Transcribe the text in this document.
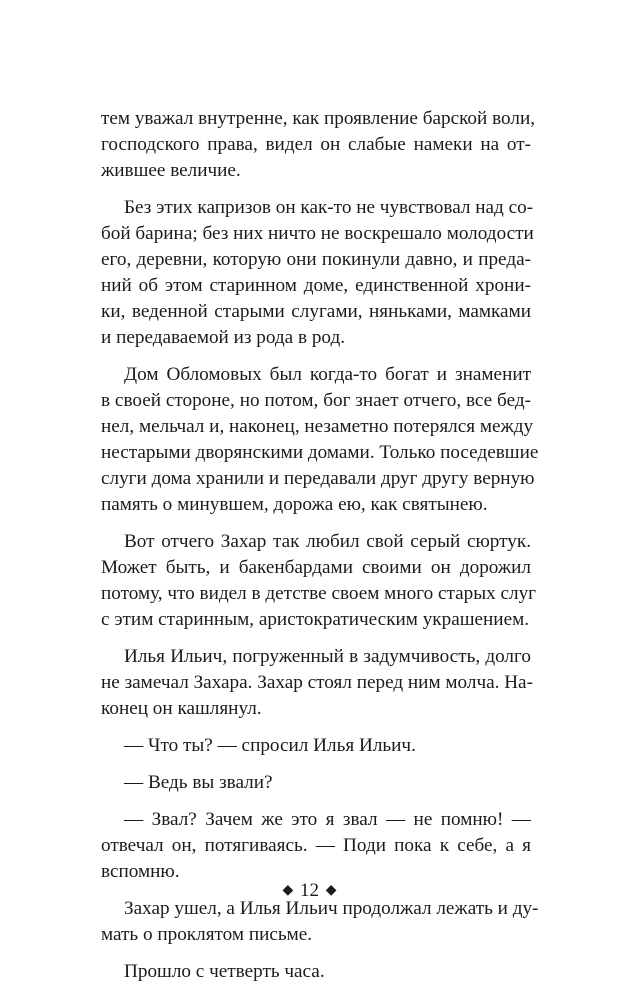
тем уважал внутренне, как проявление барской воли,
господского права, видел он слабые намеки на от-
жившее величие.
Без этих капризов он как-то не чувствовал над со-
бой барина; без них ничто не воскрешало молодости
его, деревни, которую они покинули давно, и преда-
ний об этом старинном доме, единственной хрони-
ки, веденной старыми слугами, няньками, мамками
и передаваемой из рода в род.
Дом Обломовых был когда-то богат и знаменит
в своей стороне, но потом, бог знает отчего, все бед-
нел, мельчал и, наконец, незаметно потерялся между
нестарыми дворянскими домами. Только поседевшие
слуги дома хранили и передавали друг другу верную
память о минувшем, дорожа ею, как святынею.
Вот отчего Захар так любил свой серый сюртук.
Может быть, и бакенбардами своими он дорожил
потому, что видел в детстве своем много старых слуг
с этим старинным, аристократическим украшением.
Илья Ильич, погруженный в задумчивость, долго
не замечал Захара. Захар стоял перед ним молча. На-
конец он кашлянул.
— Что ты? — спросил Илья Ильич.
— Ведь вы звали?
— Звал? Зачем же это я звал — не помню! —
отвечал он, потягиваясь. — Поди пока к себе, а я
вспомню.
Захар ушел, а Илья Ильич продолжал лежать и ду-
мать о проклятом письме.
Прошло с четверть часа.
◆ 12 ◆
